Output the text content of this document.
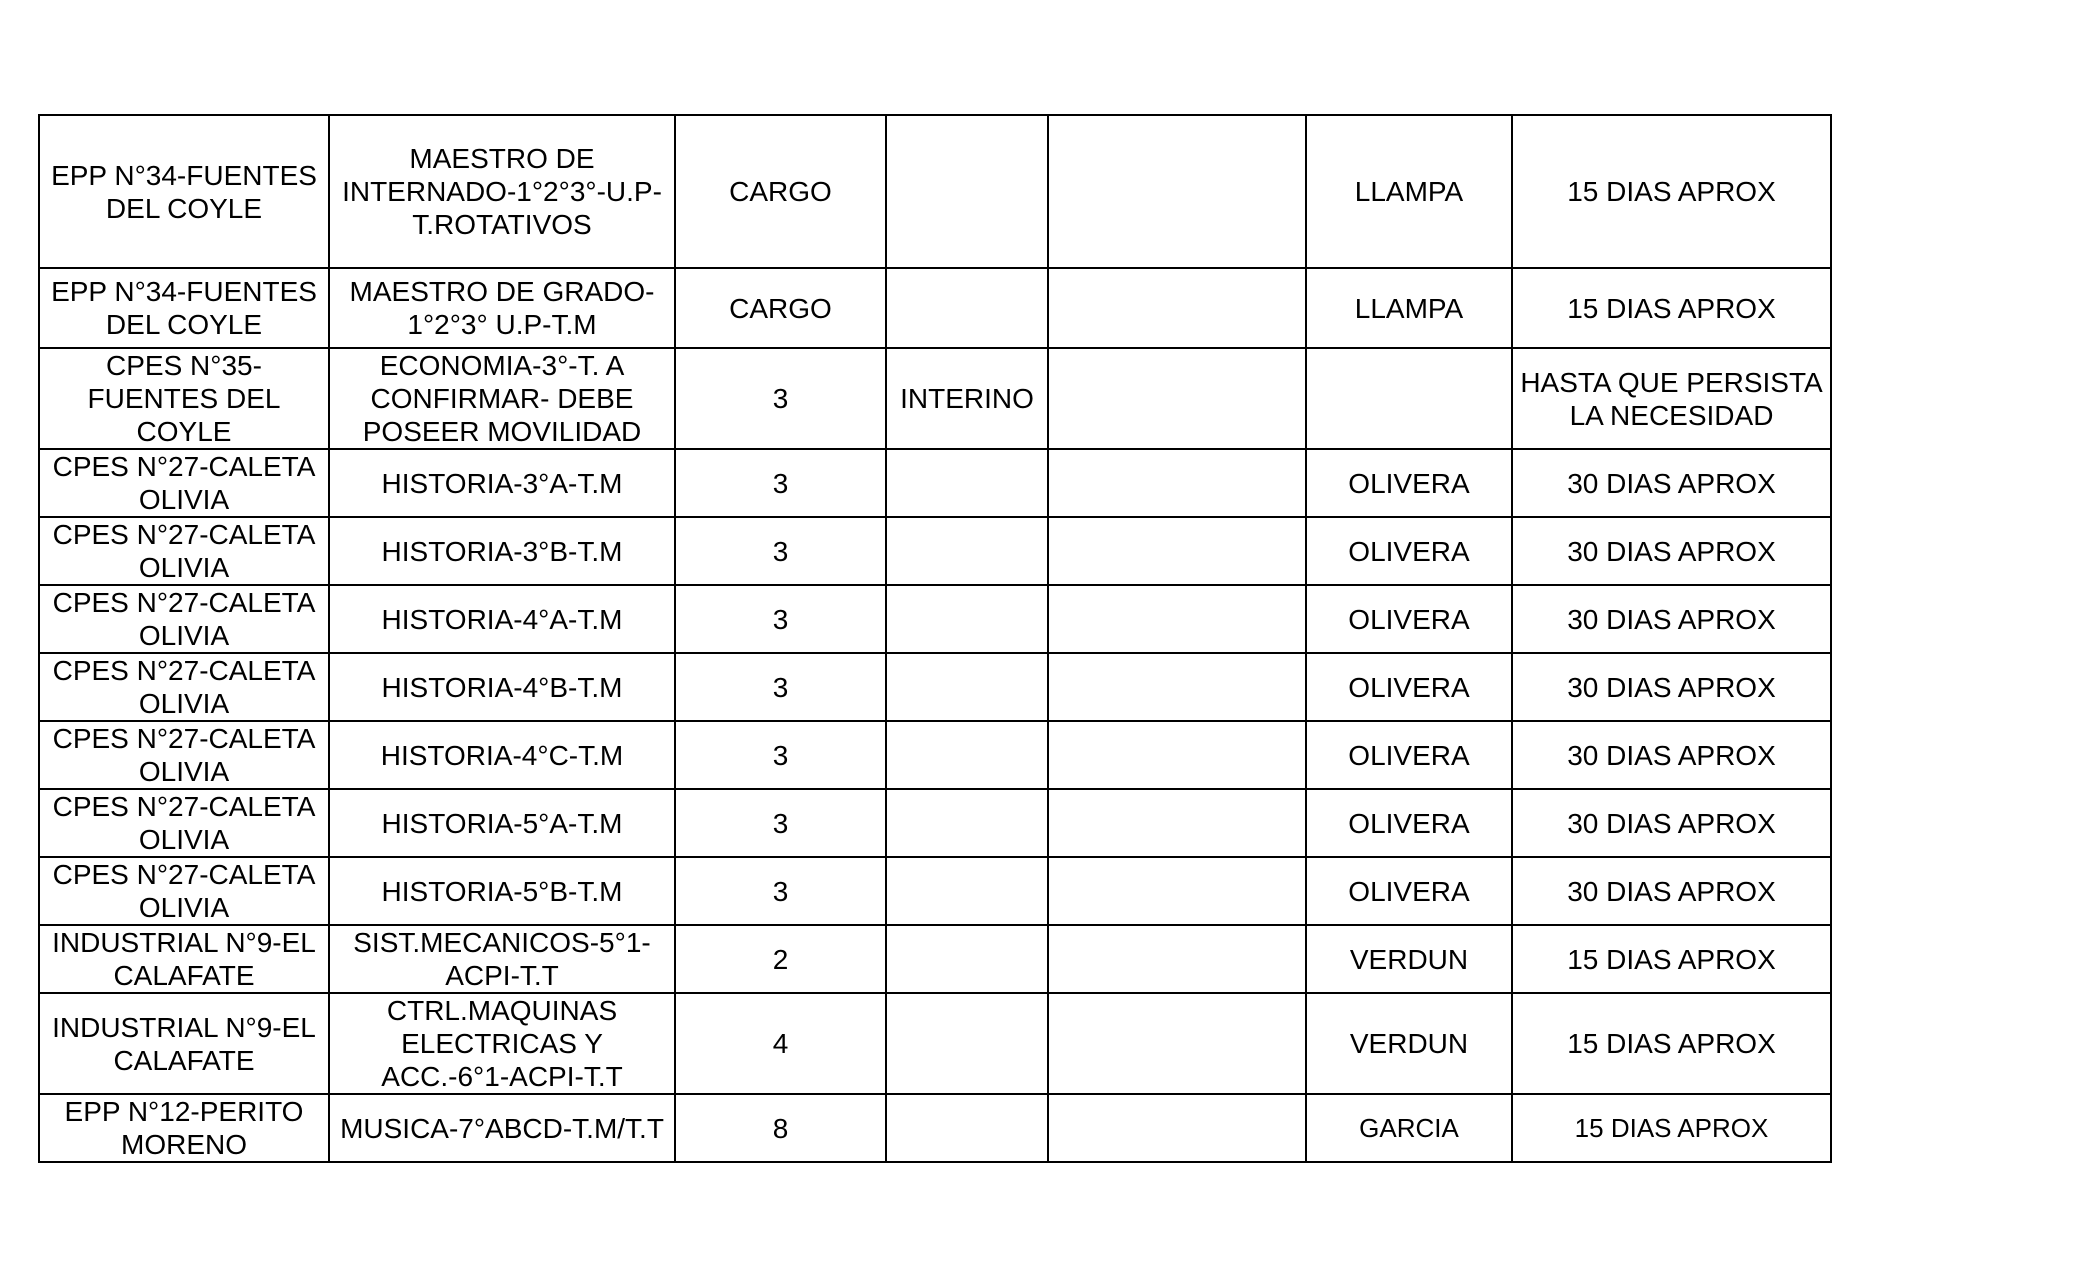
EPP N°34-FUENTES DEL COYLE	MAESTRO DE INTERNADO-1°2°3°-U.P-T.ROTATIVOS	CARGO			LLAMPA	15 DIAS APROX
EPP N°34-FUENTES DEL COYLE	MAESTRO DE GRADO-1°2°3° U.P-T.M	CARGO			LLAMPA	15 DIAS APROX
CPES N°35-FUENTES DEL COYLE	ECONOMIA-3°-T. A CONFIRMAR- DEBE POSEER MOVILIDAD	3	INTERINO			HASTA QUE PERSISTA LA NECESIDAD
CPES N°27-CALETA OLIVIA	HISTORIA-3°A-T.M	3			OLIVERA	30 DIAS APROX
CPES N°27-CALETA OLIVIA	HISTORIA-3°B-T.M	3			OLIVERA	30 DIAS APROX
CPES N°27-CALETA OLIVIA	HISTORIA-4°A-T.M	3			OLIVERA	30 DIAS APROX
CPES N°27-CALETA OLIVIA	HISTORIA-4°B-T.M	3			OLIVERA	30 DIAS APROX
CPES N°27-CALETA OLIVIA	HISTORIA-4°C-T.M	3			OLIVERA	30 DIAS APROX
CPES N°27-CALETA OLIVIA	HISTORIA-5°A-T.M	3			OLIVERA	30 DIAS APROX
CPES N°27-CALETA OLIVIA	HISTORIA-5°B-T.M	3			OLIVERA	30 DIAS APROX
INDUSTRIAL N°9-EL CALAFATE	SIST.MECANICOS-5°1-ACPI-T.T	2			VERDUN	15 DIAS APROX
INDUSTRIAL N°9-EL CALAFATE	CTRL.MAQUINAS ELECTRICAS Y ACC.-6°1-ACPI-T.T	4			VERDUN	15 DIAS APROX
EPP N°12-PERITO MORENO	MUSICA-7°ABCD-T.M/T.T	8			GARCIA	15 DIAS APROX
